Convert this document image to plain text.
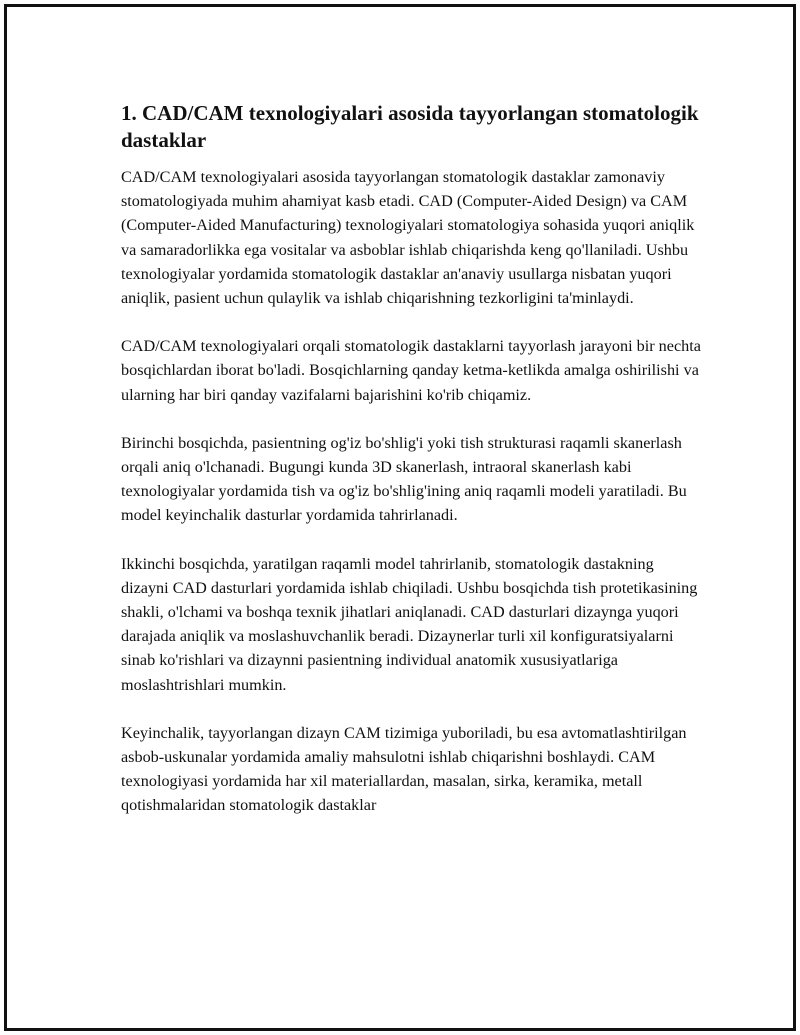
1. CAD/CAM texnologiyalari asosida tayyorlangan stomatologik dastaklar

CAD/CAM texnologiyalari asosida tayyorlangan stomatologik dastaklar zamonaviy stomatologiyada muhim ahamiyat kasb etadi. CAD (Computer-Aided Design) va CAM (Computer-Aided Manufacturing) texnologiyalari stomatologiya sohasida yuqori aniqlik va samaradorlikka ega vositalar va asboblar ishlab chiqarishda keng qo'llaniladi. Ushbu texnologiyalar yordamida stomatologik dastaklar an'anaviy usullarga nisbatan yuqori aniqlik, pasient uchun qulaylik va ishlab chiqarishning tezkorligini ta'minlaydi.

CAD/CAM texnologiyalari orqali stomatologik dastaklarni tayyorlash jarayoni bir nechta bosqichlardan iborat bo'ladi. Bosqichlarning qanday ketma-ketlikda amalga oshirilishi va ularning har biri qanday vazifalarni bajarishini ko'rib chiqamiz.

Birinchi bosqichda, pasientning og'iz bo'shlig'i yoki tish strukturasi raqamli skanerlash orqali aniq o'lchanadi. Bugungi kunda 3D skanerlash, intraoral skanerlash kabi texnologiyalar yordamida tish va og'iz bo'shlig'ining aniq raqamli modeli yaratiladi. Bu model keyinchalik dasturlar yordamida tahrirlanadi.

Ikkinchi bosqichda, yaratilgan raqamli model tahrirlanib, stomatologik dastakning dizayni CAD dasturlari yordamida ishlab chiqiladi. Ushbu bosqichda tish protetikasining shakli, o'lchami va boshqa texnik jihatlari aniqlanadi. CAD dasturlari dizaynga yuqori darajada aniqlik va moslashuvchanlik beradi. Dizaynerlar turli xil konfiguratsiyalarni sinab ko'rishlari va dizaynni pasientning individual anatomik xususiyatlariga moslashtrishlari mumkin.

Keyinchalik, tayyorlangan dizayn CAM tizimiga yuboriladi, bu esa avtomatlashtirilgan asbob-uskunalar yordamida amaliy mahsulotni ishlab chiqarishni boshlaydi. CAM texnologiyasi yordamida har xil materiallardan, masalan, sirka, keramika, metall qotishmalaridan stomatologik dastaklar
